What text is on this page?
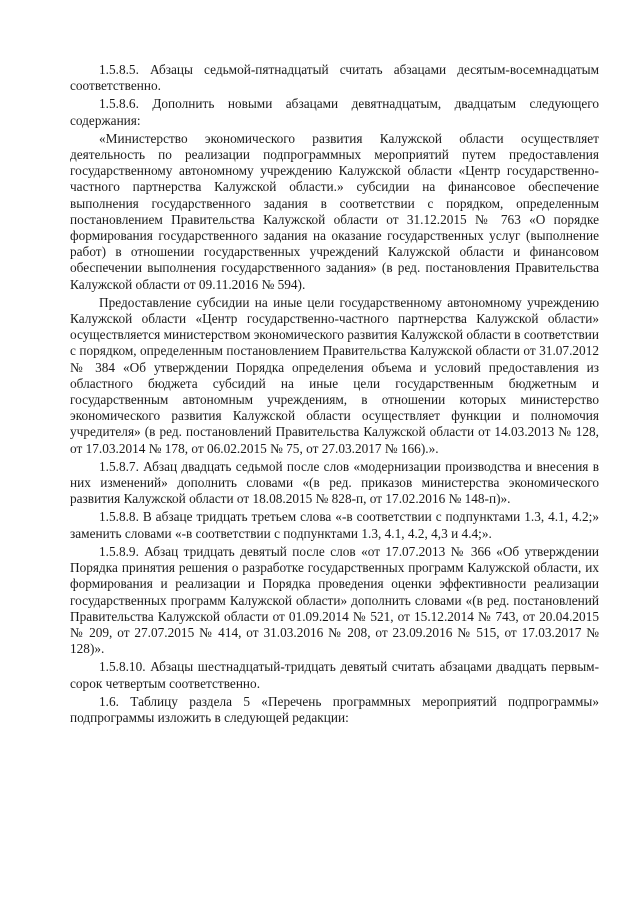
1.5.8.5. Абзацы седьмой-пятнадцатый считать абзацами десятым-восемнадцатым соответственно.

1.5.8.6. Дополнить новыми абзацами девятнадцатым, двадцатым следующего содержания:

«Министерство экономического развития Калужской области осуществляет деятельность по реализации подпрограммных мероприятий путем предоставления государственному автономному учреждению Калужской области «Центр государственно-частного партнерства Калужской области.» субсидии на финансовое обеспечение выполнения государственного задания в соответствии с порядком, определенным постановлением Правительства Калужской области от 31.12.2015 № 763 «О порядке формирования государственного задания на оказание государственных услуг (выполнение работ) в отношении государственных учреждений Калужской области и финансовом обеспечении выполнения государственного задания» (в ред. постановления Правительства Калужской области от 09.11.2016 № 594).

Предоставление субсидии на иные цели государственному автономному учреждению Калужской области «Центр государственно-частного партнерства Калужской области» осуществляется министерством экономического развития Калужской области в соответствии с порядком, определенным постановлением Правительства Калужской области от 31.07.2012 № 384 «Об утверждении Порядка определения объема и условий предоставления из областного бюджета субсидий на иные цели государственным бюджетным и государственным автономным учреждениям, в отношении которых министерство экономического развития Калужской области осуществляет функции и полномочия учредителя» (в ред. постановлений Правительства Калужской области от 14.03.2013 № 128, от 17.03.2014 № 178, от 06.02.2015 № 75, от 27.03.2017 № 166).».

1.5.8.7. Абзац двадцать седьмой после слов «модернизации производства и внесения в них изменений» дополнить словами «(в ред. приказов министерства экономического развития Калужской области от 18.08.2015 № 828-п, от 17.02.2016 № 148-п)».

1.5.8.8. В абзаце тридцать третьем слова «-в соответствии с подпунктами 1.3, 4.1, 4.2;» заменить словами «-в соответствии с подпунктами 1.3, 4.1, 4.2, 4,3 и 4.4;».

1.5.8.9. Абзац тридцать девятый после слов «от 17.07.2013 № 366 «Об утверждении Порядка принятия решения о разработке государственных программ Калужской области, их формирования и реализации и Порядка проведения оценки эффективности реализации государственных программ Калужской области» дополнить словами «(в ред. постановлений Правительства Калужской области от 01.09.2014 № 521, от 15.12.2014 № 743, от 20.04.2015 № 209, от 27.07.2015 № 414, от 31.03.2016 № 208, от 23.09.2016 № 515, от 17.03.2017 № 128)».

1.5.8.10. Абзацы шестнадцатый-тридцать девятый считать абзацами двадцать первым-сорок четвертым соответственно.

1.6. Таблицу раздела 5 «Перечень программных мероприятий подпрограммы» подпрограммы изложить в следующей редакции:
